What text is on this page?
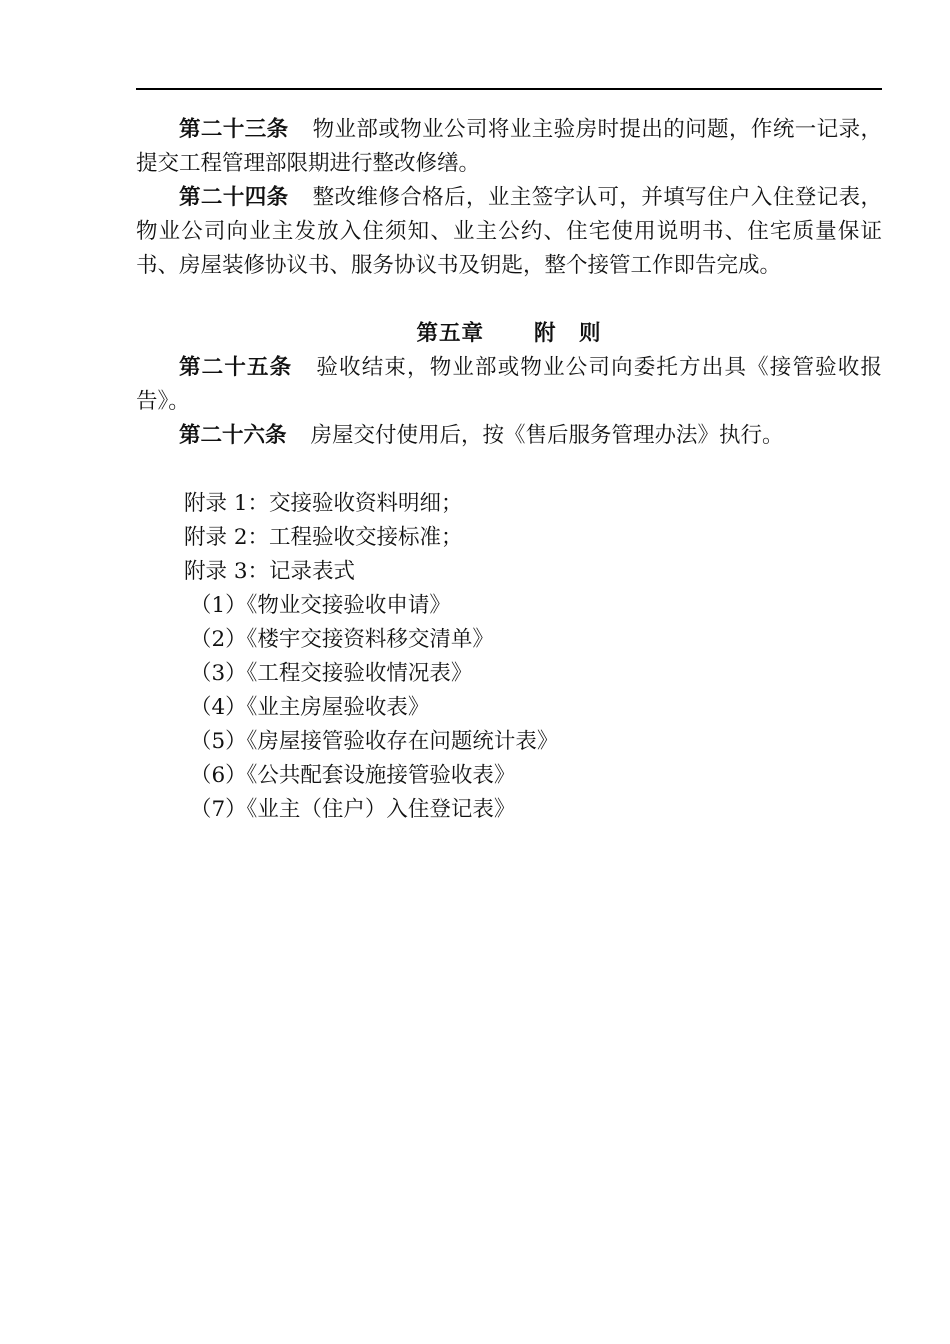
第二十三条 物业部或物业公司将业主验房时提出的问题，作统一记录，提交工程管理部限期进行整改修缮。

第二十四条 整改维修合格后，业主签字认可，并填写住户入住登记表，物业公司向业主发放入住须知、业主公约、住宅使用说明书、住宅质量保证书、房屋装修协议书、服务协议书及钥匙，整个接管工作即告完成。

第五章 附　则

第二十五条 验收结束，物业部或物业公司向委托方出具《接管验收报告》。

第二十六条 房屋交付使用后，按《售后服务管理办法》执行。

附录 1：交接验收资料明细；

附录 2：工程验收交接标准；

附录 3：记录表式

（1）《物业交接验收申请》

（2）《楼宇交接资料移交清单》

（3）《工程交接验收情况表》

（4）《业主房屋验收表》

（5）《房屋接管验收存在问题统计表》

（6）《公共配套设施接管验收表》

（7）《业主（住户）入住登记表》
